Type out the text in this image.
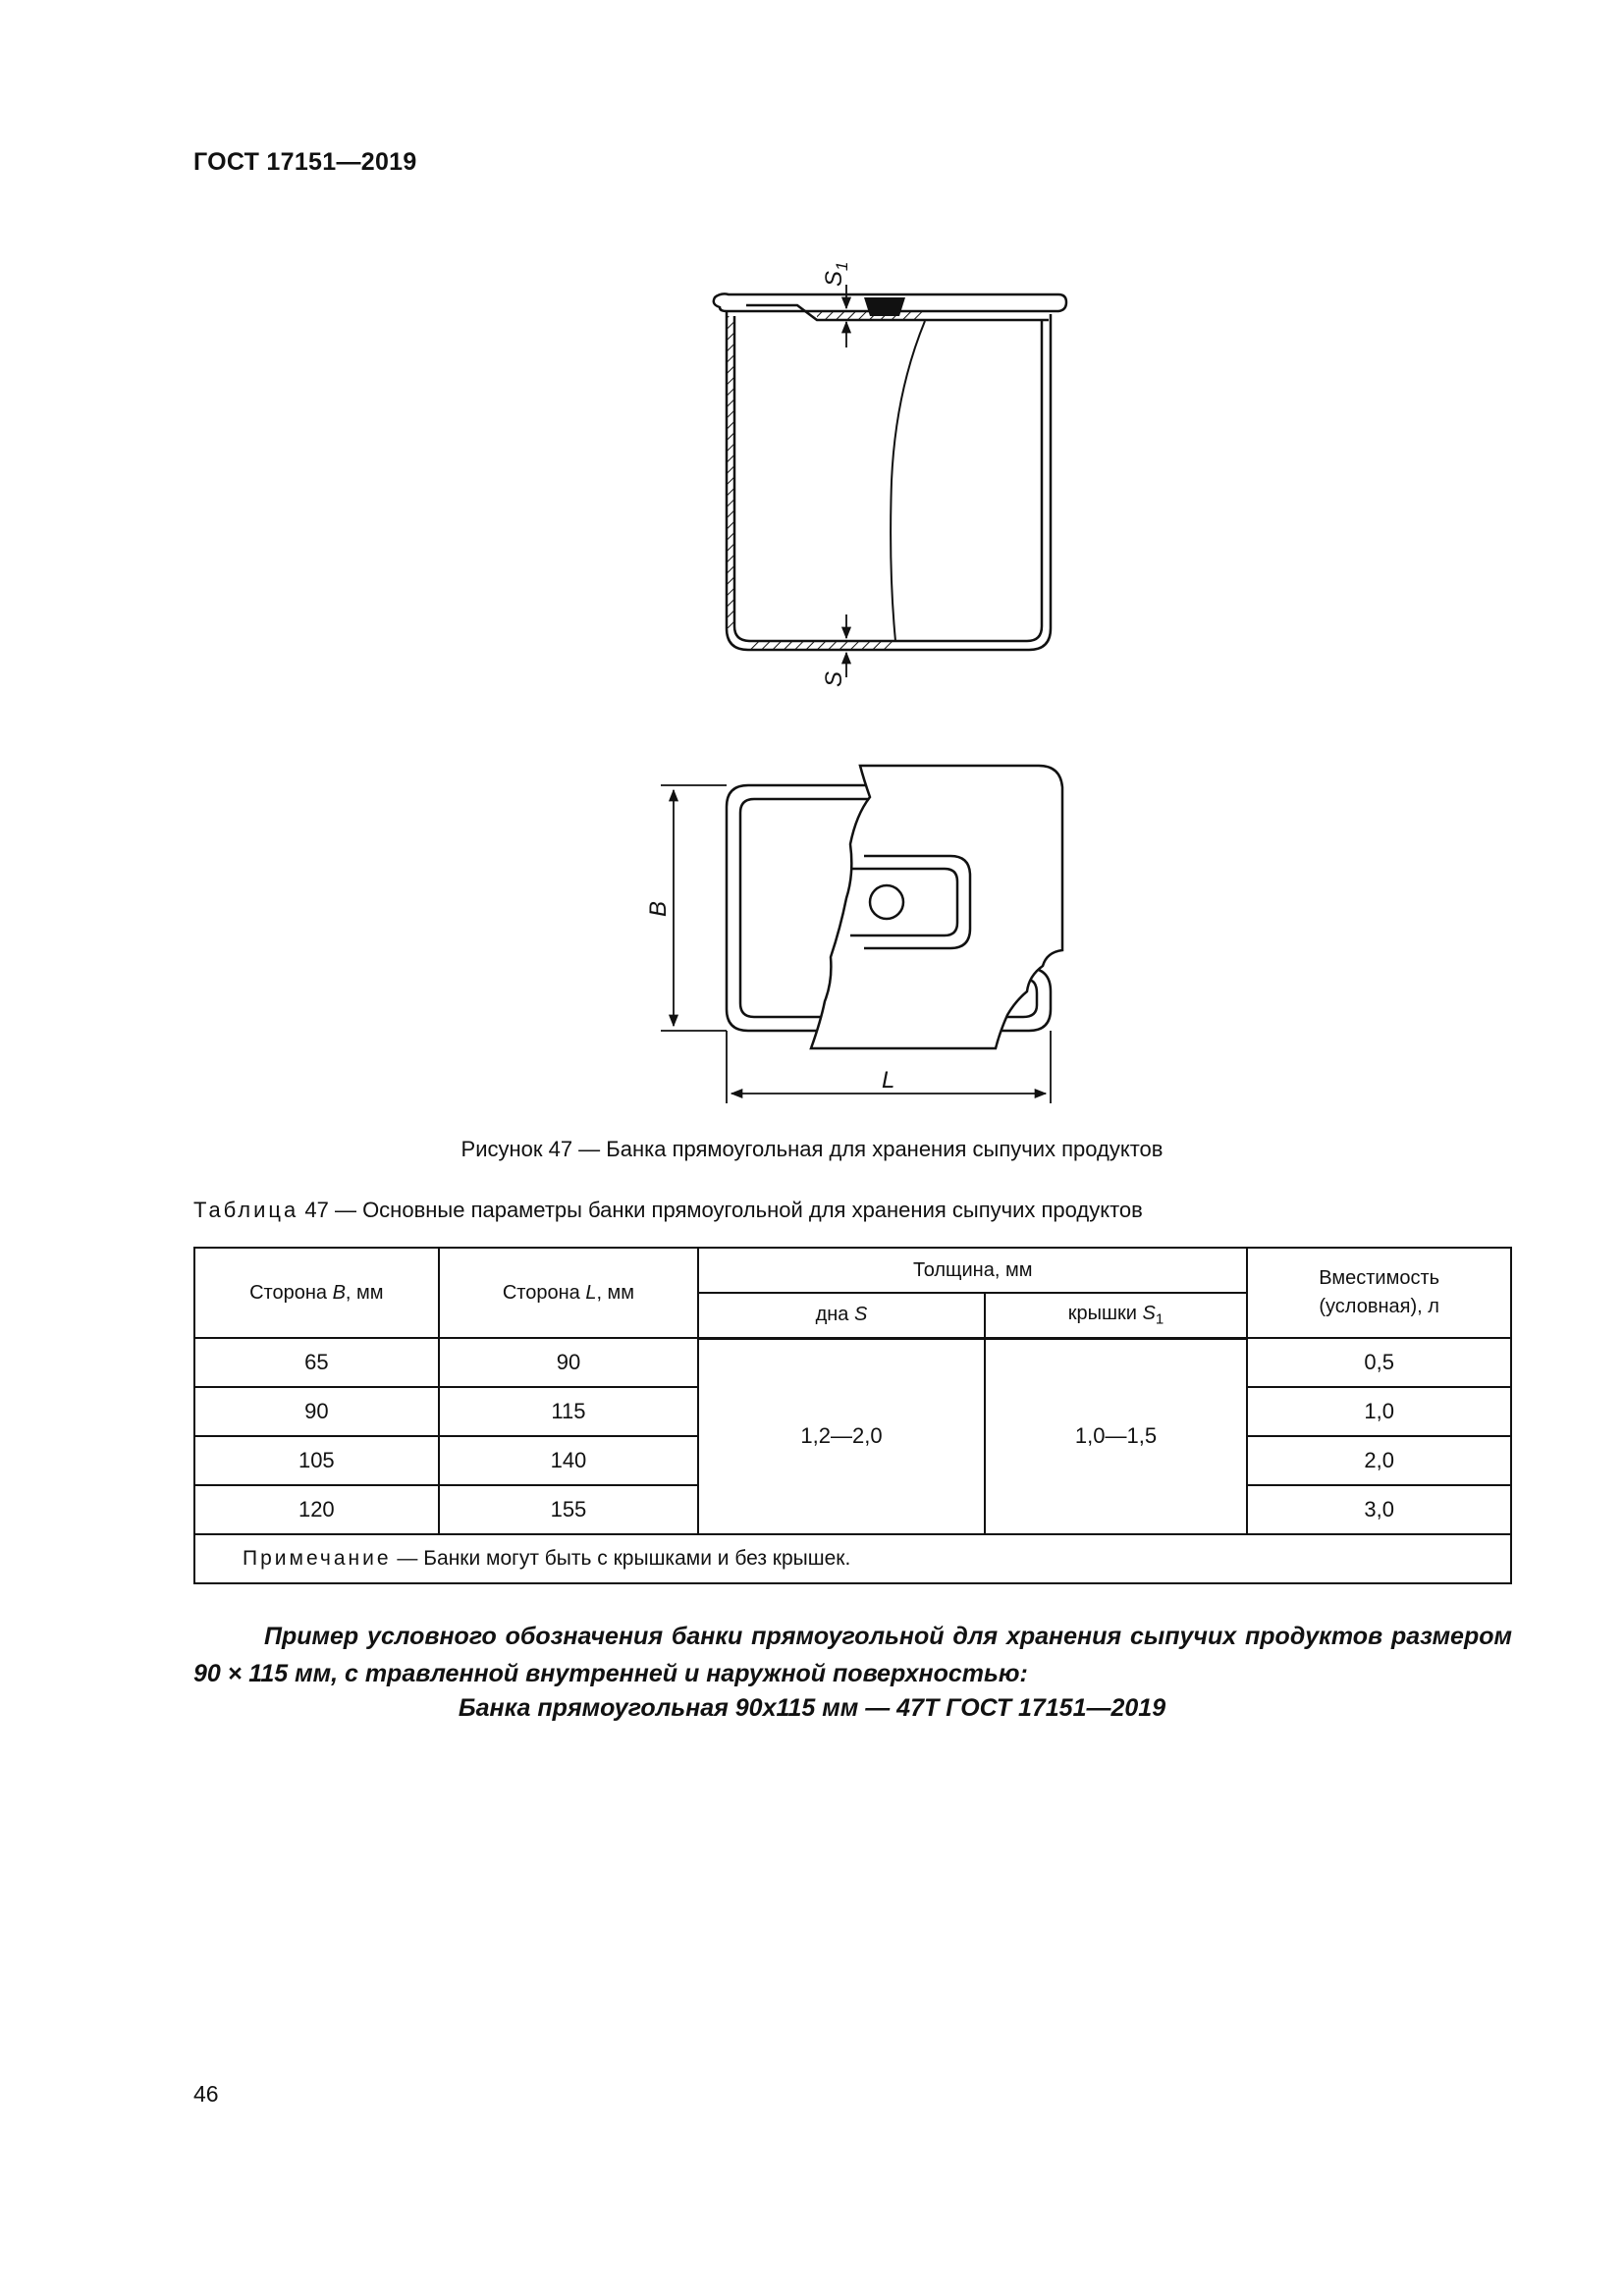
ГОСТ 17151—2019
$S_1$
S
B
L
Рисунок 47 — Банка прямоугольная для хранения сыпучих продуктов
Таблица 47 — Основные параметры банки прямоугольной для хранения сыпучих продуктов
Сторона B, мм	Сторона L, мм	Толщина, мм		Вместимость
(условная), л
		дна S	крышки $S_1$
65	90	1,2—2,0	1,0—1,5	0,5
90	115			1,0
105	140			2,0
120	155			3,0
Примечание — Банки могут быть с крышками и без крышек.				
Пример условного обозначения банки прямоугольной для хранения сыпучих продуктов размером 90 × 115 мм, с травленной внутренней и наружной поверхностью:
Банка прямоугольная 90x115 мм — 47Т ГОСТ 17151—2019
46
